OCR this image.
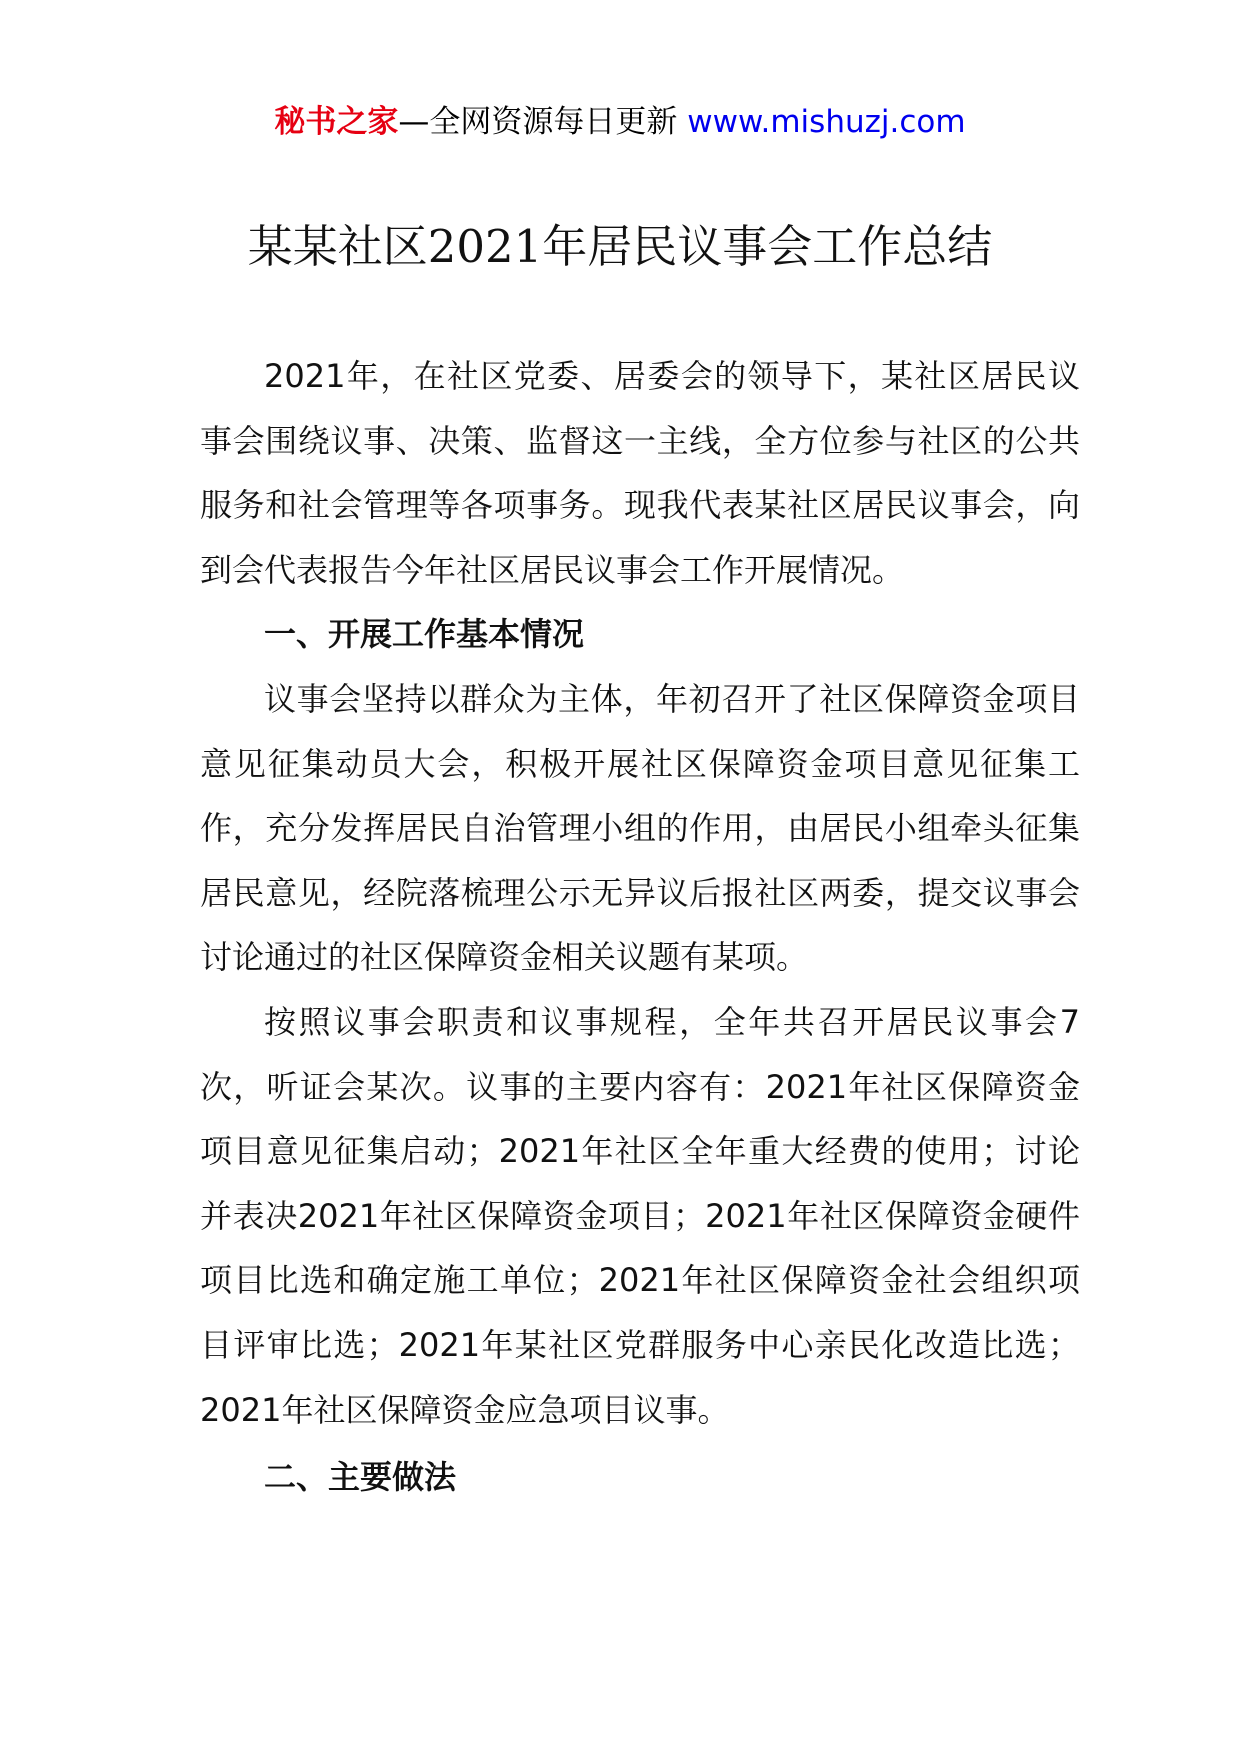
秘书之家—全网资源每日更新 www.mishuzj.com
某某社区2021年居民议事会工作总结

2021年，在社区党委、居委会的领导下，某社区居民议事会围绕议事、决策、监督这一主线，全方位参与社区的公共服务和社会管理等各项事务。现我代表某社区居民议事会，向到会代表报告今年社区居民议事会工作开展情况。

一、开展工作基本情况

议事会坚持以群众为主体，年初召开了社区保障资金项目意见征集动员大会，积极开展社区保障资金项目意见征集工作，充分发挥居民自治管理小组的作用，由居民小组牵头征集居民意见，经院落梳理公示无异议后报社区两委，提交议事会讨论通过的社区保障资金相关议题有某项。

按照议事会职责和议事规程，全年共召开居民议事会7次，听证会某次。议事的主要内容有：2021年社区保障资金项目意见征集启动；2021年社区全年重大经费的使用；讨论并表决2021年社区保障资金项目；2021年社区保障资金硬件项目比选和确定施工单位；2021年社区保障资金社会组织项目评审比选；2021年某社区党群服务中心亲民化改造比选；2021年社区保障资金应急项目议事。

二、主要做法
